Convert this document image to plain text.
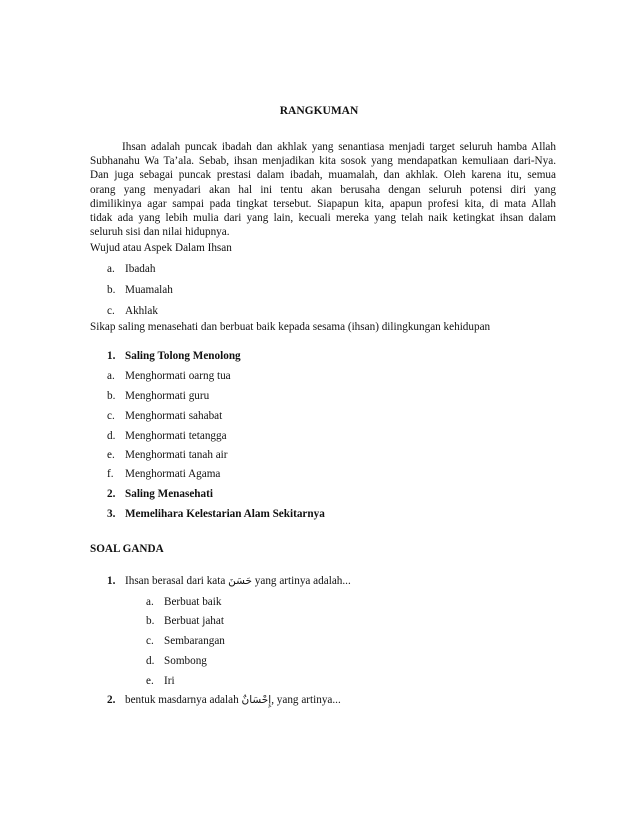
RANGKUMAN
Ihsan adalah puncak ibadah dan akhlak yang senantiasa menjadi target seluruh hamba Allah
Subhanahu Wa Ta’ala. Sebab, ihsan menjadikan kita sosok yang mendapatkan kemuliaan dari-Nya.
Dan juga sebagai puncak prestasi dalam ibadah, muamalah, dan akhlak. Oleh karena itu, semua
orang yang menyadari akan hal ini tentu akan berusaha dengan seluruh potensi diri yang
dimilikinya agar sampai pada tingkat tersebut. Siapapun kita, apapun profesi kita, di mata Allah
tidak ada yang lebih mulia dari yang lain, kecuali mereka yang telah naik ketingkat ihsan dalam
seluruh sisi dan nilai hidupnya.
Wujud atau Aspek Dalam Ihsan
a. Ibadah
b. Muamalah
c. Akhlak
Sikap saling menasehati dan berbuat baik kepada sesama (ihsan) dilingkungan kehidupan
1. Saling Tolong Menolong
a. Menghormati oarng tua
b. Menghormati guru
c. Menghormati sahabat
d. Menghormati tetangga
e. Menghormati tanah air
f. Menghormati Agama
2. Saling Menasehati
3. Memelihara Kelestarian Alam Sekitarnya
SOAL GANDA
1. Ihsan berasal dari kata حَسَنَ yang artinya adalah...
a. Berbuat baik
b. Berbuat jahat
c. Sembarangan
d. Sombong
e. Iri
2. bentuk masdarnya adalah إِحْسَانٌ, yang artinya...
